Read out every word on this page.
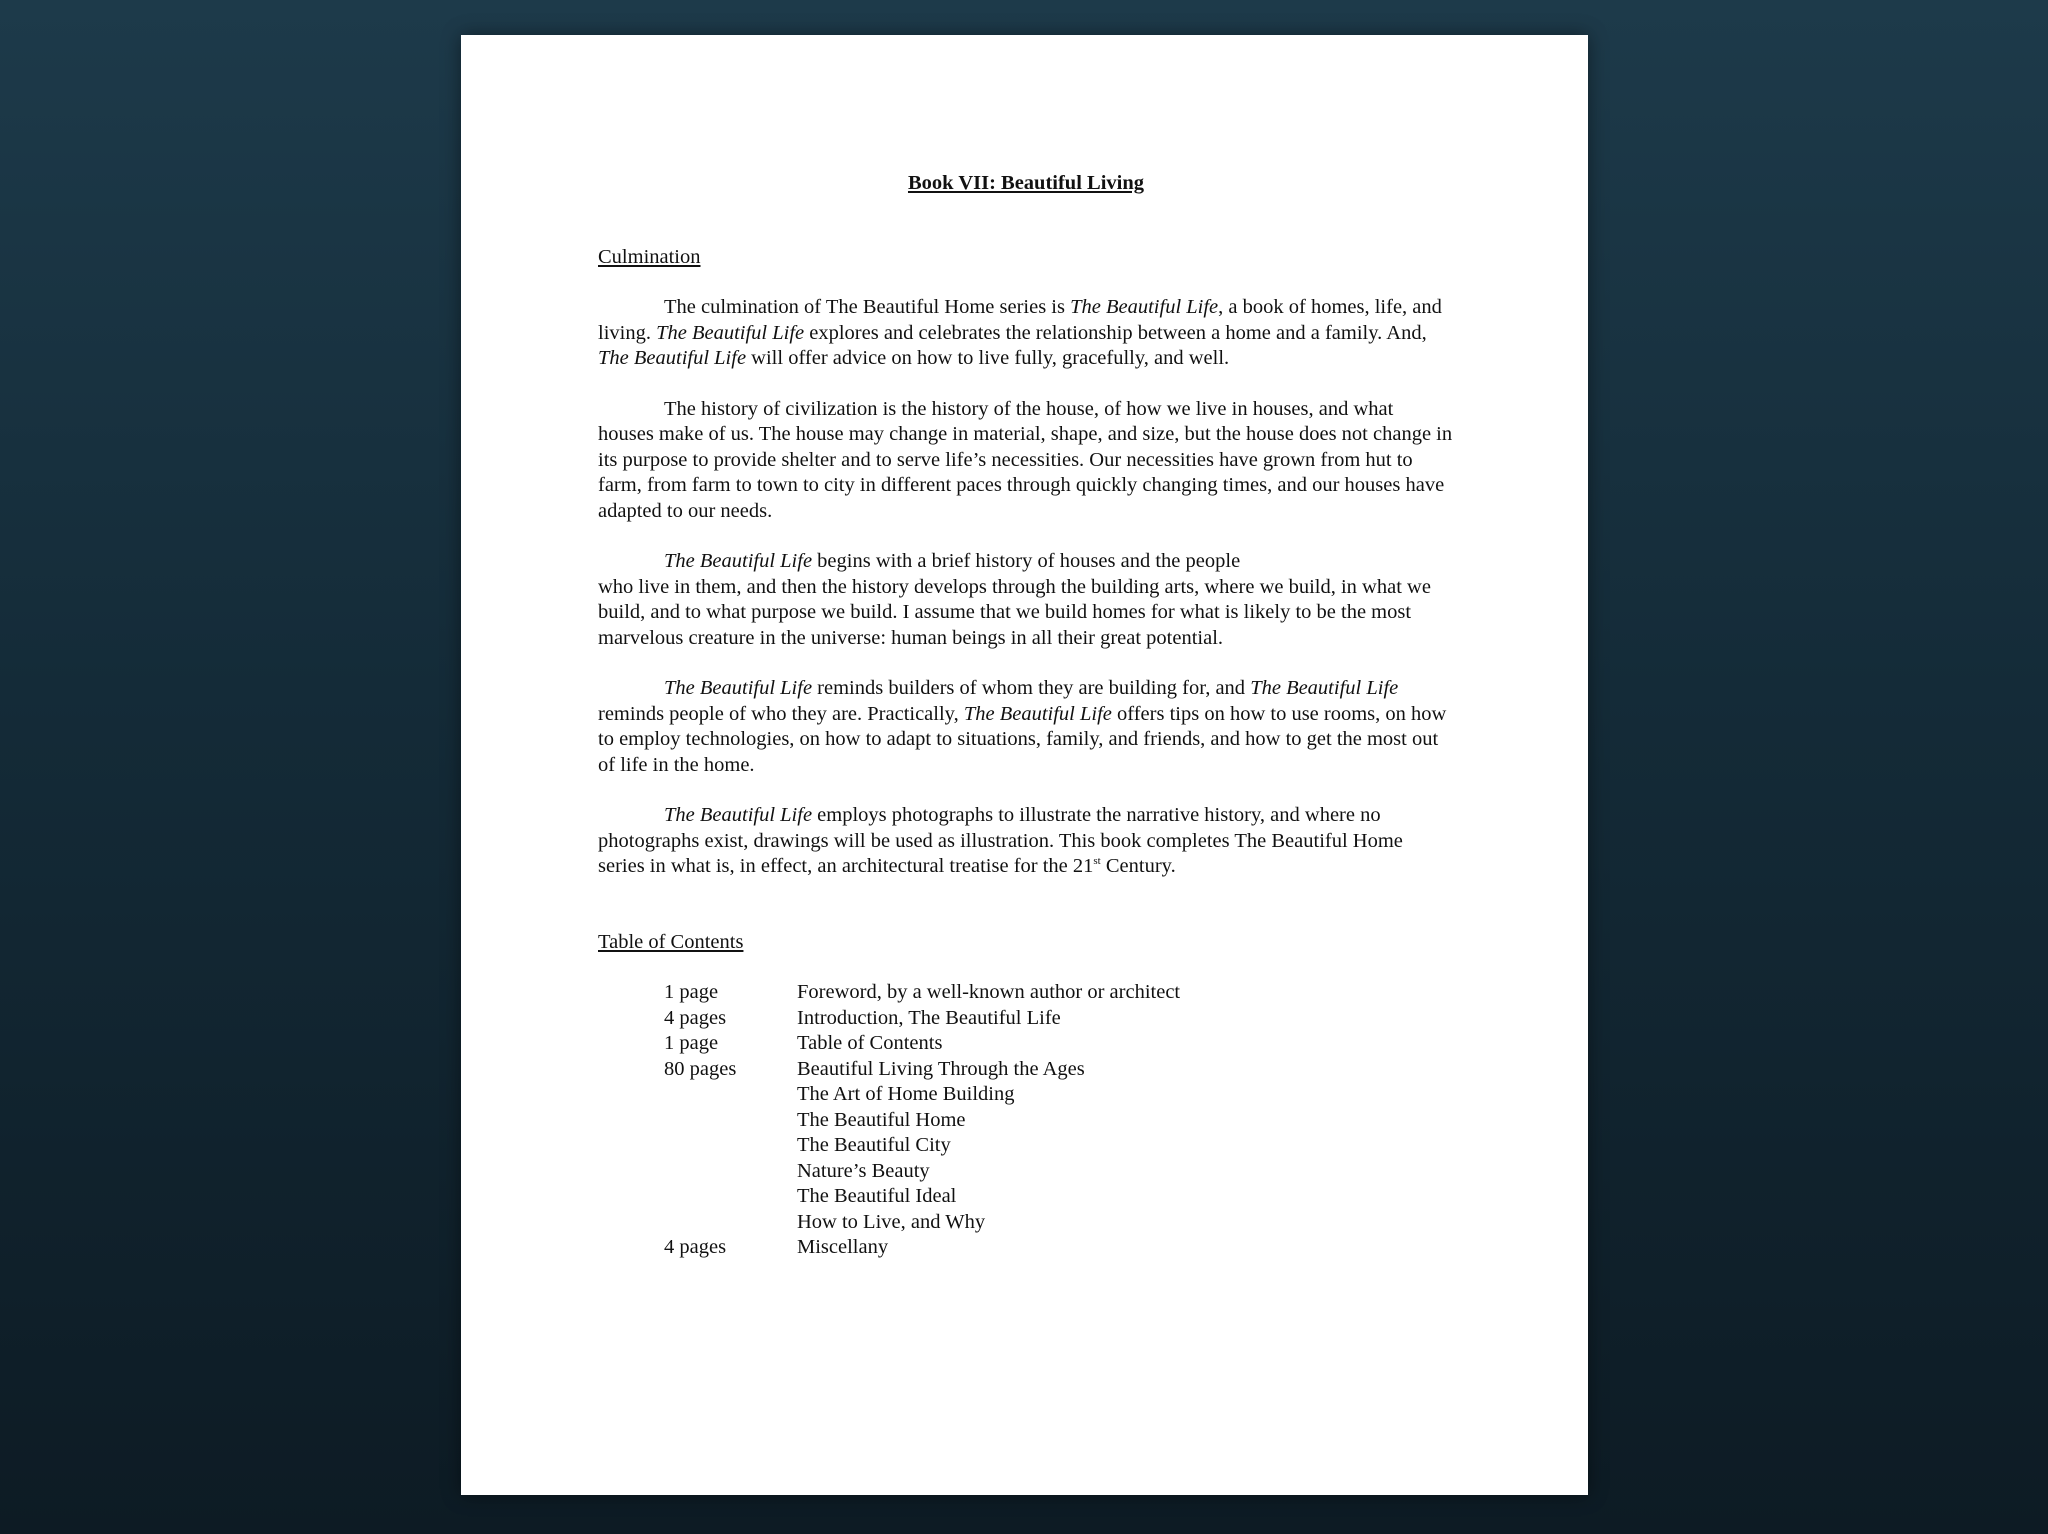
Book VII: Beautiful Living
Culmination
The culmination of The Beautiful Home series is The Beautiful Life, a book of homes, life, and living. The Beautiful Life explores and celebrates the relationship between a home and a family. And, The Beautiful Life will offer advice on how to live fully, gracefully, and well.
The history of civilization is the history of the house, of how we live in houses, and what houses make of us. The house may change in material, shape, and size, but the house does not change in its purpose to provide shelter and to serve life’s necessities. Our necessities have grown from hut to farm, from farm to town to city in different paces through quickly changing times, and our houses have adapted to our needs.
The Beautiful Life begins with a brief history of houses and the people
who live in them, and then the history develops through the building arts, where we build, in what we build, and to what purpose we build. I assume that we build homes for what is likely to be the most marvelous creature in the universe: human beings in all their great potential.
The Beautiful Life reminds builders of whom they are building for, and The Beautiful Life reminds people of who they are. Practically, The Beautiful Life offers tips on how to use rooms, on how to employ technologies, on how to adapt to situations, family, and friends, and how to get the most out of life in the home.
The Beautiful Life employs photographs to illustrate the narrative history, and where no photographs exist, drawings will be used as illustration. This book completes The Beautiful Home series in what is, in effect, an architectural treatise for the 21st Century.
Table of Contents
1 page	Foreword, by a well-known author or architect
4 pages	Introduction, The Beautiful Life
1 page	Table of Contents
80 pages	Beautiful Living Through the Ages
The Art of Home Building
The Beautiful Home
The Beautiful City
Nature’s Beauty
The Beautiful Ideal
How to Live, and Why
4 pages	Miscellany
